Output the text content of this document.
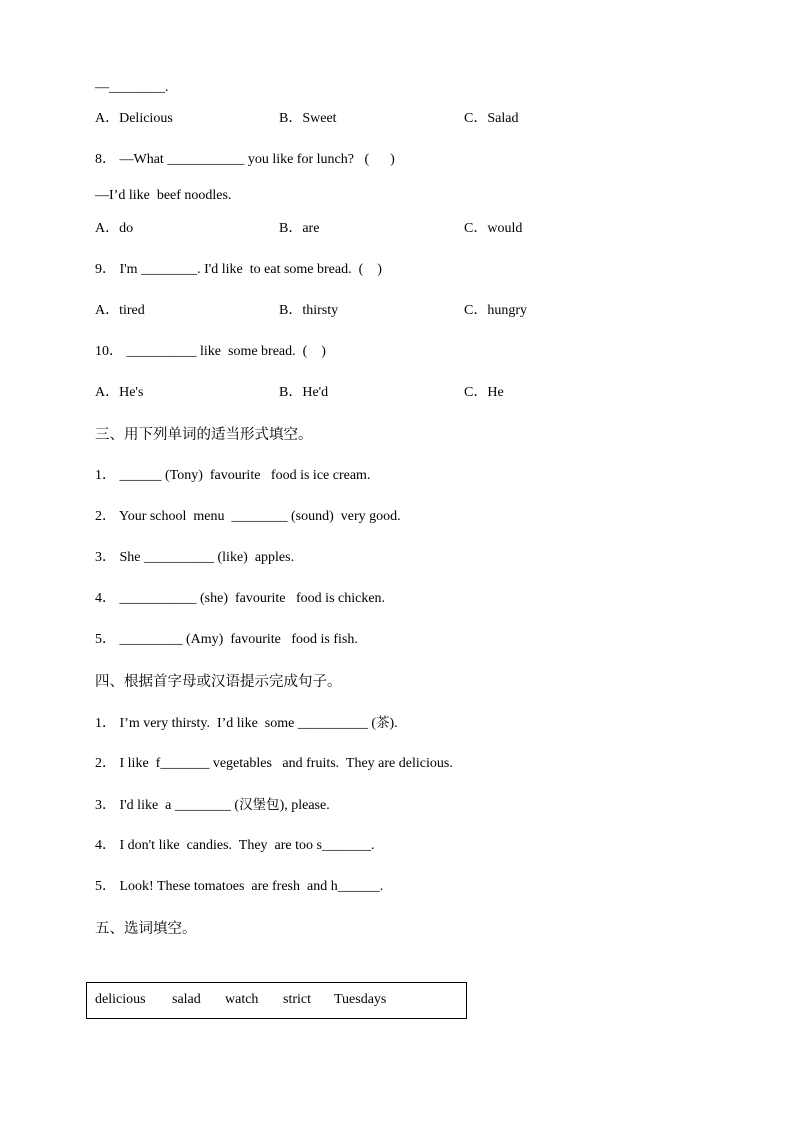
—________.
A．Delicious	B．Sweet	C．Salad
8． —What ___________ you like for lunch?   (      )
—I’d like  beef noodles.
A．do	B．are	C．would
9． I'm ________. I'd like  to eat some bread.  (    )
A．tired	B．thirsty	C．hungry
10． __________ like  some bread.  (    )
A．He's	B．He'd	C．He
三、用下列单词的适当形式填空。
1． ______ (Tony)  favourite   food is ice cream.
2． Your school  menu  ________ (sound)  very good.
3． She __________ (like)  apples.
4． ___________ (she)  favourite   food is chicken.
5． _________ (Amy)  favourite   food is fish.
四、根据首字母或汉语提示完成句子。
1． I’m very thirsty.  I’d like  some __________ (茶).
2． I like  f_______ vegetables   and fruits.  They are delicious.
3． I'd like  a ________ (汉堡包), please.
4． I don't like  candies.  They  are too s_______.
5． Look! These tomatoes  are fresh  and h______.
五、选词填空。
delicious salad watch strict Tuesdays
